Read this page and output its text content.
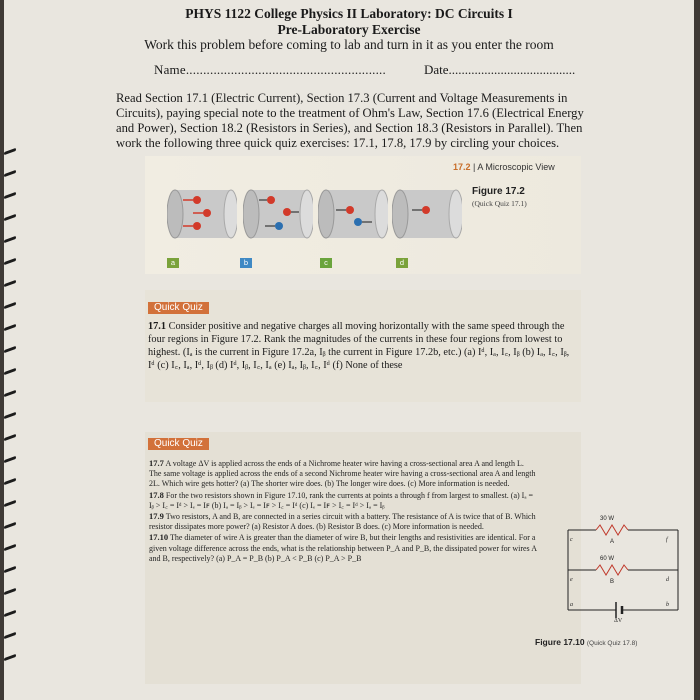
PHYS 1122 College Physics II Laboratory: DC Circuits I
Pre-Laboratory Exercise
Work this problem before coming to lab and turn in it as you enter the room
Name..........................................................	Date.......................................
Read Section 17.1 (Electric Current), Section 17.3 (Current and Voltage Measurements in Circuits), paying special note to the treatment of Ohm's Law, Section 17.6 (Electrical Energy and Power), Section 18.2 (Resistors in Series), and Section 18.3 (Resistors in Parallel). Then work the following three quick quiz exercises: 17.1, 17.8, 17.9 by circling your choices.
17.2 | A Microscopic View
Figure 17.2
(Quick Quiz 17.1)
a	b	c	d
Quick Quiz
17.1 Consider positive and negative charges all moving horizontally with the same speed through the four regions in Figure 17.2. Rank the magnitudes of the currents in these four regions from lowest to highest. (Iₐ is the current in Figure 17.2a, Iᵦ the current in Figure 17.2b, etc.) (a) Iᵈ, Iₐ, I꜀, Iᵦ (b) Iₐ, I꜀, Iᵦ, Iᵈ (c) I꜀, Iₐ, Iᵈ, Iᵦ (d) Iᵈ, Iᵦ, I꜀, Iₐ (e) Iₐ, Iᵦ, I꜀, Iᵈ (f) None of these
Quick Quiz

17.7 A voltage ΔV is applied across the ends of a Nichrome heater wire having a cross-sectional area A and length L. The same voltage is applied across the ends of a second Nichrome heater wire having a cross-sectional area A and length 2L. Which wire gets hotter? (a) The shorter wire does. (b) The longer wire does. (c) More information is needed.

17.8 For the two resistors shown in Figure 17.10, rank the currents at points a through f from largest to smallest. (a) Iₐ = Iᵦ > I꜀ = Iᵈ > Iₑ = Iꜰ (b) Iₐ = Iᵦ > Iₑ = Iꜰ > I꜀ = Iᵈ (c) Iₑ = Iꜰ > I꜀ = Iᵈ > Iₐ = Iᵦ

17.9 Two resistors, A and B, are connected in a series circuit with a battery. The resistance of A is twice that of B. Which resistor dissipates more power? (a) Resistor A does. (b) Resistor B does. (c) More information is needed.

17.10 The diameter of wire A is greater than the diameter of wire B, but their lengths and resistivities are identical. For a given voltage difference across the ends, what is the relationship between P_A and P_B, the dissipated power for wires A and B, respectively? (a) P_A = P_B (b) P_A < P_B (c) P_A > P_B

30 W
A
60 W
B
c	f
e	d
a	b
ΔV
Figure 17.10 (Quick Quiz 17.8)
